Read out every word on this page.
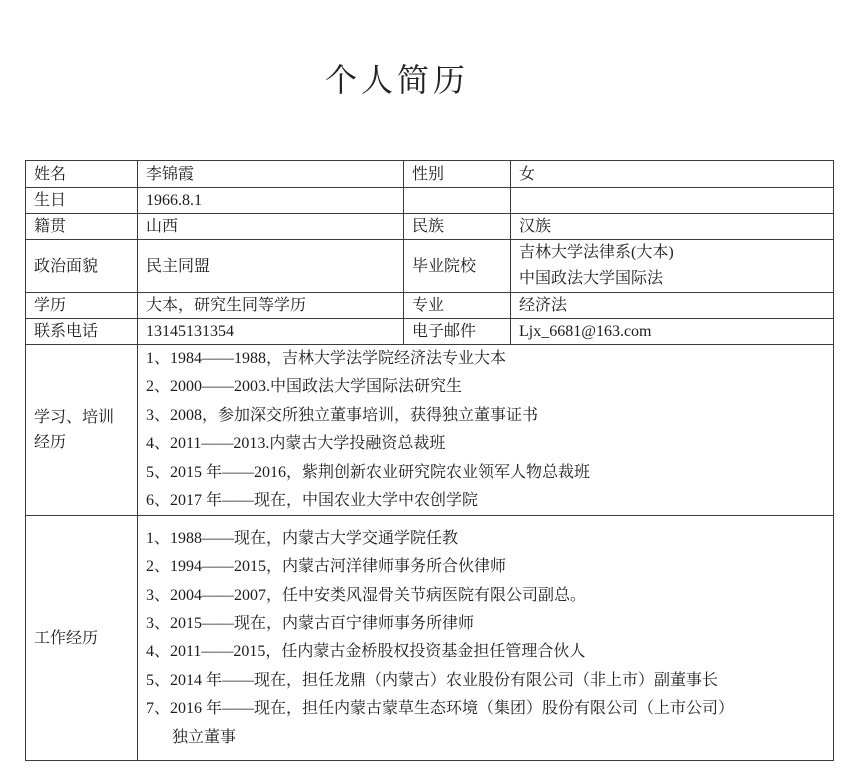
个人简历
姓名	李锦霞	性别	女
生日	1966.8.1		
籍贯	山西	民族	汉族
政治面貌	民主同盟	毕业院校	吉林大学法律系(大本)
中国政法大学国际法

学历	大本，研究生同等学历	专业	经济法
联系电话	13145131354	电子邮件	Ljx_6681@163.com
学习、培训经历	
1、1984——1988，吉林大学法学院经济法专业大本
2、2000——2003.中国政法大学国际法研究生
3、2008，参加深交所独立董事培训，获得独立董事证书
4、2011——2013.内蒙古大学投融资总裁班
5、2015 年——2016，紫荆创新农业研究院农业领军人物总裁班
6、2017 年——现在，中国农业大学中农创学院

工作经历	
1、1988——现在，内蒙古大学交通学院任教
2、1994——2015，内蒙古河洋律师事务所合伙律师
3、2004——2007，任中安类风湿骨关节病医院有限公司副总。
3、2015——现在，内蒙古百宁律师事务所律师
4、2011——2015，任内蒙古金桥股权投资基金担任管理合伙人
5、2014 年——现在，担任龙鼎（内蒙古）农业股份有限公司（非上市）副董事长
7、2016 年——现在，担任内蒙古蒙草生态环境（集团）股份有限公司（上市公司）
独立董事
